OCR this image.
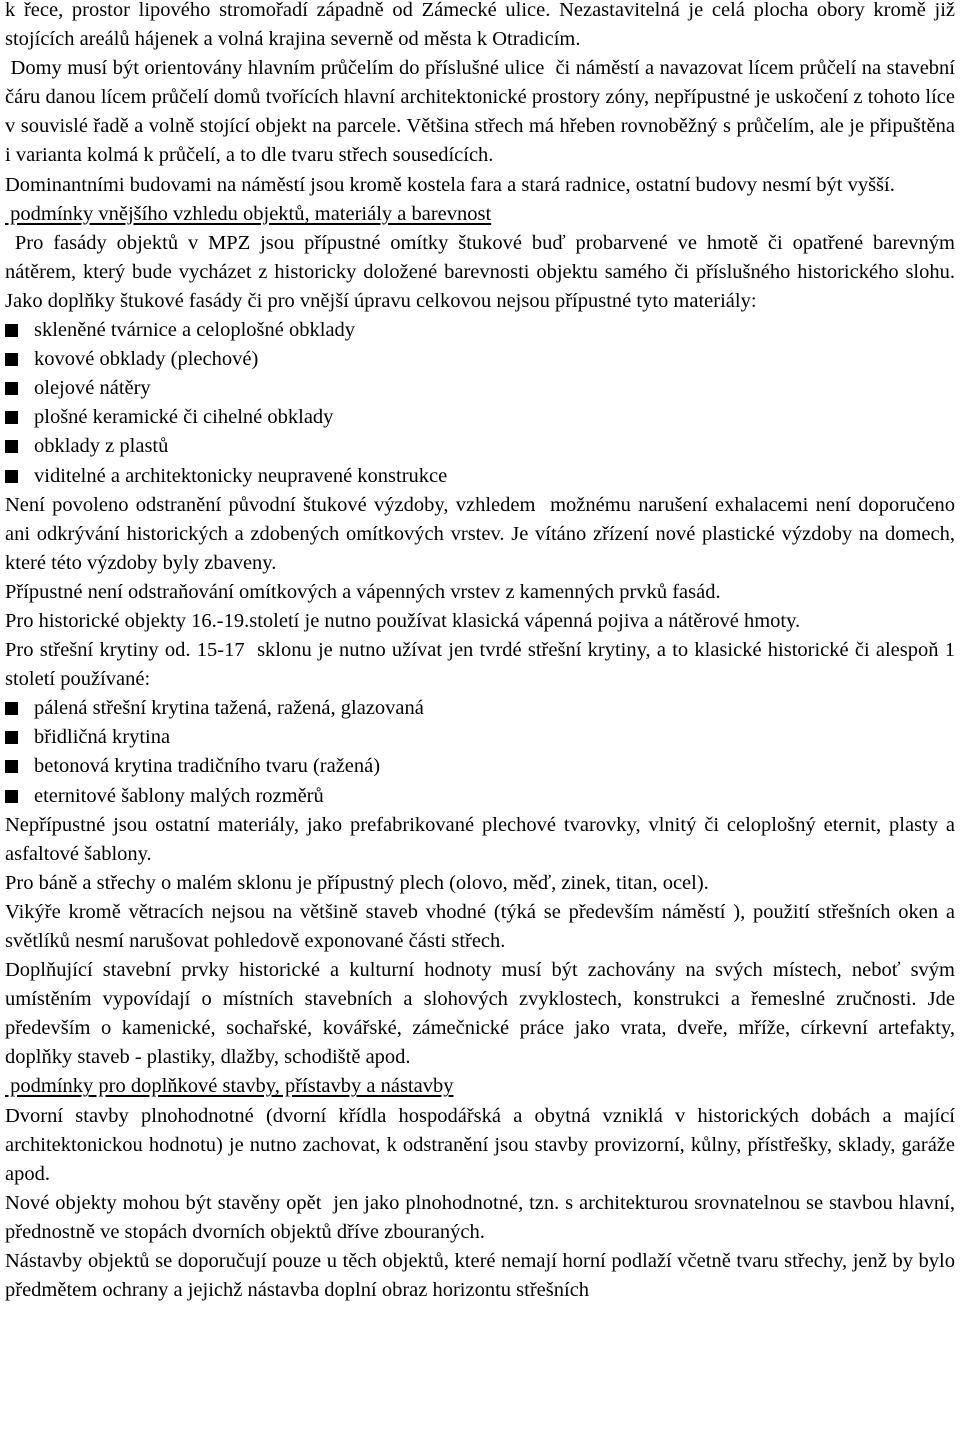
k řece, prostor lipového stromořadí západně od Zámecké ulice. Nezastavitelná je celá plocha obory kromě již stojících areálů hájenek a volná krajina severně od města k Otradicím.

Domy musí být orientovány hlavním průčelím do příslušné ulice  či náměstí a navazovat lícem průčelí na stavební čáru danou lícem průčelí domů tvořících hlavní architektonické prostory zóny, nepřípustné je uskočení z tohoto líce v souvislé řadě a volně stojící objekt na parcele. Většina střech má hřeben rovnoběžný s průčelím, ale je připuštěna i varianta kolmá k průčelí, a to dle tvaru střech sousedících.

Dominantními budovami na náměstí jsou kromě kostela fara a stará radnice, ostatní budovy nesmí být vyšší.

podmínky vnějšího vzhledu objektů, materiály a barevnost

Pro fasády objektů v MPZ jsou přípustné omítky štukové buď probarvené ve hmotě či opatřené barevným nátěrem, který bude vycházet z historicky doložené barevnosti objektu samého či příslušného historického slohu. Jako doplňky štukové fasády či pro vnější úpravu celkovou nejsou přípustné tyto materiály:

skleněné tvárnice a celoplošné obklady
kovové obklady (plechové)
olejové nátěry
plošné keramické či cihelné obklady
obklady z plastů
viditelné a architektonicky neupravené konstrukce

Není povoleno odstranění původní štukové výzdoby, vzhledem  možnému narušení exhalacemi není doporučeno ani odkrývání historických a zdobených omítkových vrstev. Je vítáno zřízení nové plastické výzdoby na domech, které této výzdoby byly zbaveny.

Přípustné není odstraňování omítkových a vápenných vrstev z kamenných prvků fasád.

Pro historické objekty 16.-19.století je nutno používat klasická vápenná pojiva a nátěrové hmoty.

Pro střešní krytiny od. 15-17  sklonu je nutno užívat jen tvrdé střešní krytiny, a to klasické historické či alespoň 1 století používané:

pálená střešní krytina tažená, ražená, glazovaná
břidličná krytina
betonová krytina tradičního tvaru (ražená)
eternitové šablony malých rozměrů

Nepřípustné jsou ostatní materiály, jako prefabrikované plechové tvarovky, vlnitý či celoplošný eternit, plasty a asfaltové šablony.

Pro báně a střechy o malém sklonu je přípustný plech (olovo, měď, zinek, titan, ocel).

Vikýře kromě větracích nejsou na většině staveb vhodné (týká se především náměstí ), použití střešních oken a světlíků nesmí narušovat pohledově exponované části střech.

Doplňující stavební prvky historické a kulturní hodnoty musí být zachovány na svých místech, neboť svým umístěním vypovídají o místních stavebních a slohových zvyklostech, konstrukci a řemeslné zručnosti. Jde především o kamenické, sochařské, kovářské, zámečnické práce jako vrata, dveře, mříže, církevní artefakty, doplňky staveb - plastiky, dlažby, schodiště apod.

podmínky pro doplňkové stavby, přístavby a nástavby

Dvorní stavby plnohodnotné (dvorní křídla hospodářská a obytná vzniklá v historických dobách a mající architektonickou hodnotu) je nutno zachovat, k odstranění jsou stavby provizorní, kůlny, přístřešky, sklady, garáže apod.

Nové objekty mohou být stavěny opět  jen jako plnohodnotné, tzn. s architekturou srovnatelnou se stavbou hlavní, přednostně ve stopách dvorních objektů dříve zbouraných.

Nástavby objektů se doporučují pouze u těch objektů, které nemají horní podlaží včetně tvaru střechy, jenž by bylo předmětem ochrany a jejichž nástavba doplní obraz horizontu střešních
